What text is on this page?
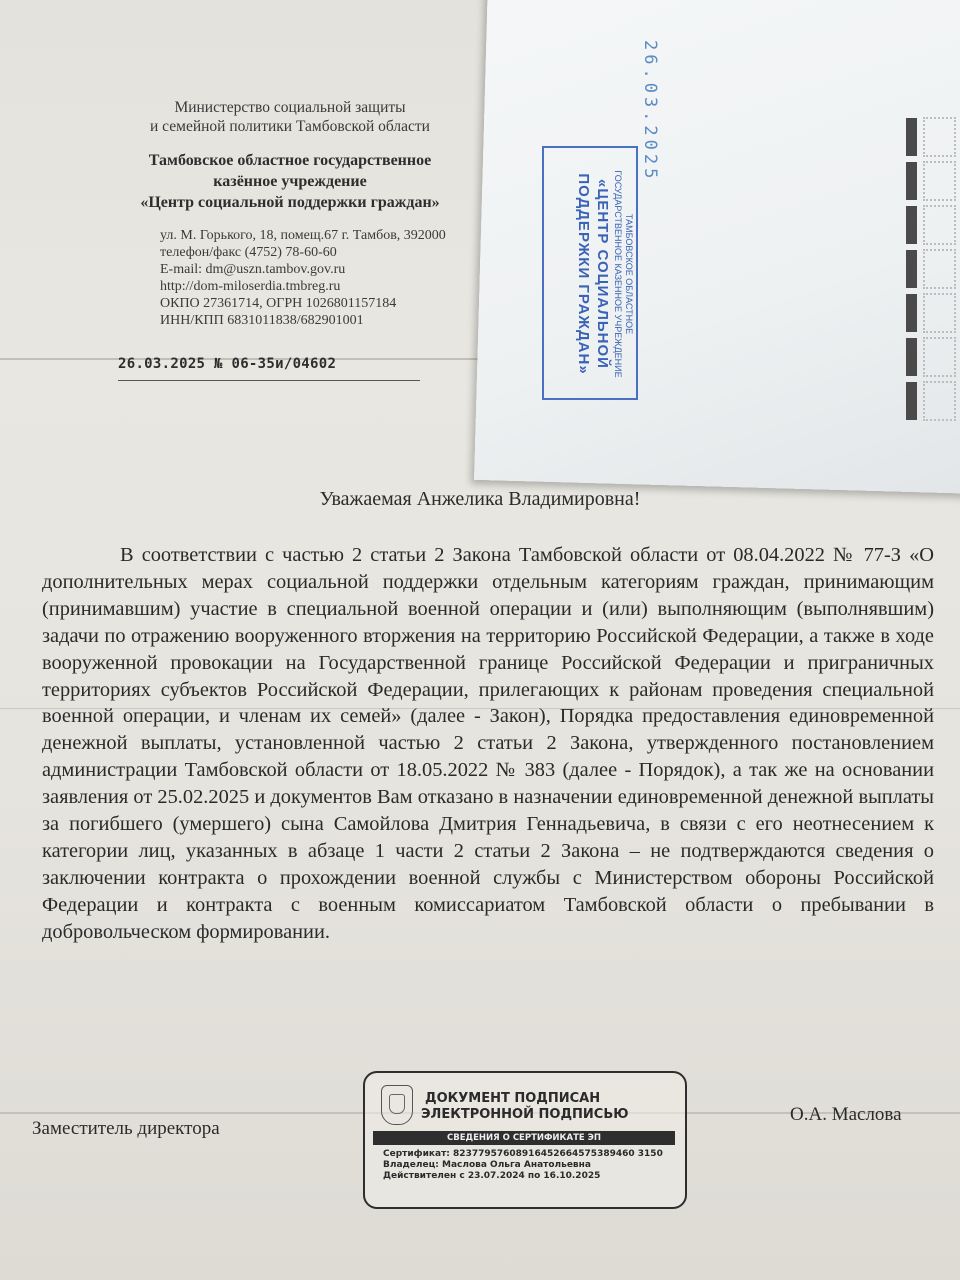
Министерство социальной защиты
и семейной политики Тамбовской области
Тамбовское областное государственное
казённое учреждение
«Центр социальной поддержки граждан»
ул. М. Горького, 18, помещ.67 г. Тамбов, 392000
телефон/факс (4752) 78-60-60
E-mail: dm@uszn.tambov.gov.ru
http://dom-miloserdia.tmbreg.ru
ОКПО 27361714, ОГРН 1026801157184
ИНН/КПП 6831011838/682901001
26.03.2025 № 06-35и/04602
Уважаемая Анжелика Владимировна!

В соответствии с частью 2 статьи 2 Закона Тамбовской области от 08.04.2022 № 77-З «О дополнительных мерах социальной поддержки отдельным категориям граждан, принимающим (принимавшим) участие в специальной военной операции и (или) выполняющим (выполнявшим) задачи по отражению вооруженного вторжения на территорию Российской Федерации, а также в ходе вооруженной провокации на Государственной границе Российской Федерации и приграничных территориях субъектов Российской Федерации, прилегающих к районам проведения специальной военной операции, и членам их семей» (далее - Закон), Порядка предоставления единовременной денежной выплаты, установленной частью 2 статьи 2 Закона, утвержденного постановлением администрации Тамбовской области от 18.05.2022 № 383 (далее - Порядок), а так же на основании заявления от 25.02.2025 и документов Вам отказано в назначении единовременной денежной выплаты за погибшего (умершего) сына Самойлова Дмитрия Геннадьевича, в связи с его неотнесением к категории лиц, указанных в абзаце 1 части 2 статьи 2 Закона – не подтверждаются сведения о заключении контракта о прохождении военной службы с Министерством обороны Российской Федерации и контракта с военным комиссариатом Тамбовской области о пребывании в добровольческом формировании.

Заместитель директора
О.А. Маслова
ДОКУМЕНТ ПОДПИСАН
ЭЛЕКТРОННОЙ ПОДПИСЬЮ
СВЕДЕНИЯ О СЕРТИФИКАТЕ ЭП
Сертификат: 82377957608916452664575389460 3150
Владелец: Маслова Ольга Анатольевна
Действителен с 23.07.2024 по 16.10.2025
26.03.2025
ТАМБОВСКОЕ ОБЛАСТНОЕ
ГОСУДАРСТВЕННОЕ КАЗЕННОЕ УЧРЕЖДЕНИЕ
«ЦЕНТР СОЦИАЛЬНОЙ
ПОДДЕРЖКИ ГРАЖДАН»
